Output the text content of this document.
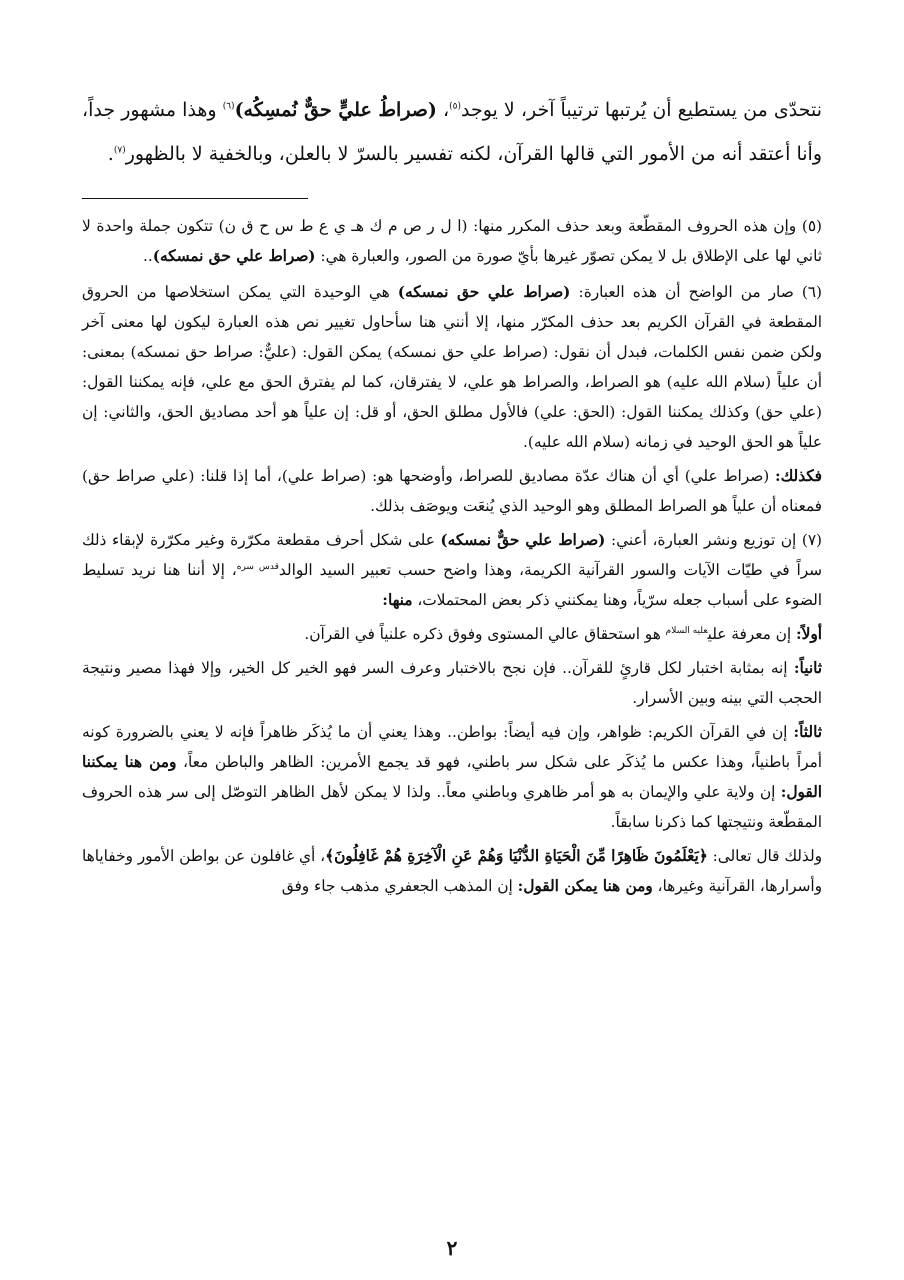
نتحدّى من يستطيع أن يُرتبها ترتيباً آخر، لا يوجد$^{(٥)}$، (صراطُ عليٍّ حقٌّ نُمسِكُه)$^{(٦)}$ وهذا مشهور جداً، وأنا أعتقد أنه من الأمور التي قالها القرآن، لكنه تفسير بالسرّ لا بالعلن، وبالخفية لا بالظهور$^{(٧)}$.

(٥) وإن هذه الحروف المقطّعة وبعد حذف المكرر منها: (ا ل ر ص م ك هـ ي ع ط س ح ق ن) تتكون جملة واحدة لا ثاني لها على الإطلاق بل لا يمكن تصوّر غيرها بأيّ صورة من الصور، والعبارة هي: (صراط علي حق نمسكه)..

(٦) صار من الواضح أن هذه العبارة: (صراط علي حق نمسكه) هي الوحيدة التي يمكن استخلاصها من الحروق المقطعة في القرآن الكريم بعد حذف المكرّر منها، إلا أنني هنا سأحاول تغيير نص هذه العبارة ليكون لها معنى آخر ولكن ضمن نفس الكلمات، فبدل أن نقول: (صراط علي حق نمسكه) يمكن القول: (عليٌّ: صراط حق نمسكه) بمعنى: أن علياً (سلام الله عليه) هو الصراط، والصراط هو علي، لا يفترقان، كما لم يفترق الحق مع علي، فإنه يمكننا القول: (علي حق) وكذلك يمكننا القول: (الحق: علي) فالأول مطلق الحق، أو قل: إن علياً هو أحد مصاديق الحق، والثاني: إن علياً هو الحق الوحيد في زمانه (سلام الله عليه).

فكذلك: (صراط علي) أي أن هناك عدّة مصاديق للصراط، وأوضحها هو: (صراط علي)، أما إذا قلنا: (علي صراط حق) فمعناه أن علياً هو الصراط المطلق وهو الوحيد الذي يُنعَت ويوصَف بذلك.

(٧) إن توزيع ونشر العبارة، أعني: (صراط علي حقٌّ نمسكه) على شكل أحرف مقطعة مكرّرة وغير مكرّرة لإبقاء ذلك سراً في طيّات الآيات والسور القرآنية الكريمة، وهذا واضح حسب تعبير السيد الوالد$^{قدس سره}$، إلا أننا هنا نريد تسليط الضوء على أسباب جعله سرّياً، وهنا يمكنني ذكر بعض المحتملات، منها:

أولاً: إن معرفة علي$^{عليه السلام}$ هو استحقاق عالي المستوى وفوق ذكره علنياً في القرآن.

ثانياً: إنه بمثابة اختبار لكل قارئٍ للقرآن.. فإن نجح بالاختبار وعرف السر فهو الخير كل الخير، وإلا فهذا مصير ونتيجة الحجب التي بينه وبين الأسرار.

ثالثاً: إن في القرآن الكريم: ظواهر، وإن فيه أيضاً: بواطن.. وهذا يعني أن ما يُذكَر ظاهراً فإنه لا يعني بالضرورة كونه أمراً باطنياً، وهذا عكس ما يُذكَر على شكل سر باطني، فهو قد يجمع الأمرين: الظاهر والباطن معاً، ومن هنا يمكننا القول: إن ولاية علي والإيمان به هو أمر ظاهري وباطني معاً.. ولذا لا يمكن لأهل الظاهر التوصّل إلى سر هذه الحروف المقطّعة ونتيجتها كما ذكرنا سابقاً.

ولذلك قال تعالى: ﴿يَعْلَمُونَ ظَاهِرًا مِّنَ الْحَيَاةِ الدُّنْيَا وَهُمْ عَنِ الْآخِرَةِ هُمْ غَافِلُونَ﴾، أي غافلون عن بواطن الأمور وخفاياها وأسرارها، القرآنية وغيرها، ومن هنا يمكن القول: إن المذهب الجعفري مذهب جاء وفق

٢
